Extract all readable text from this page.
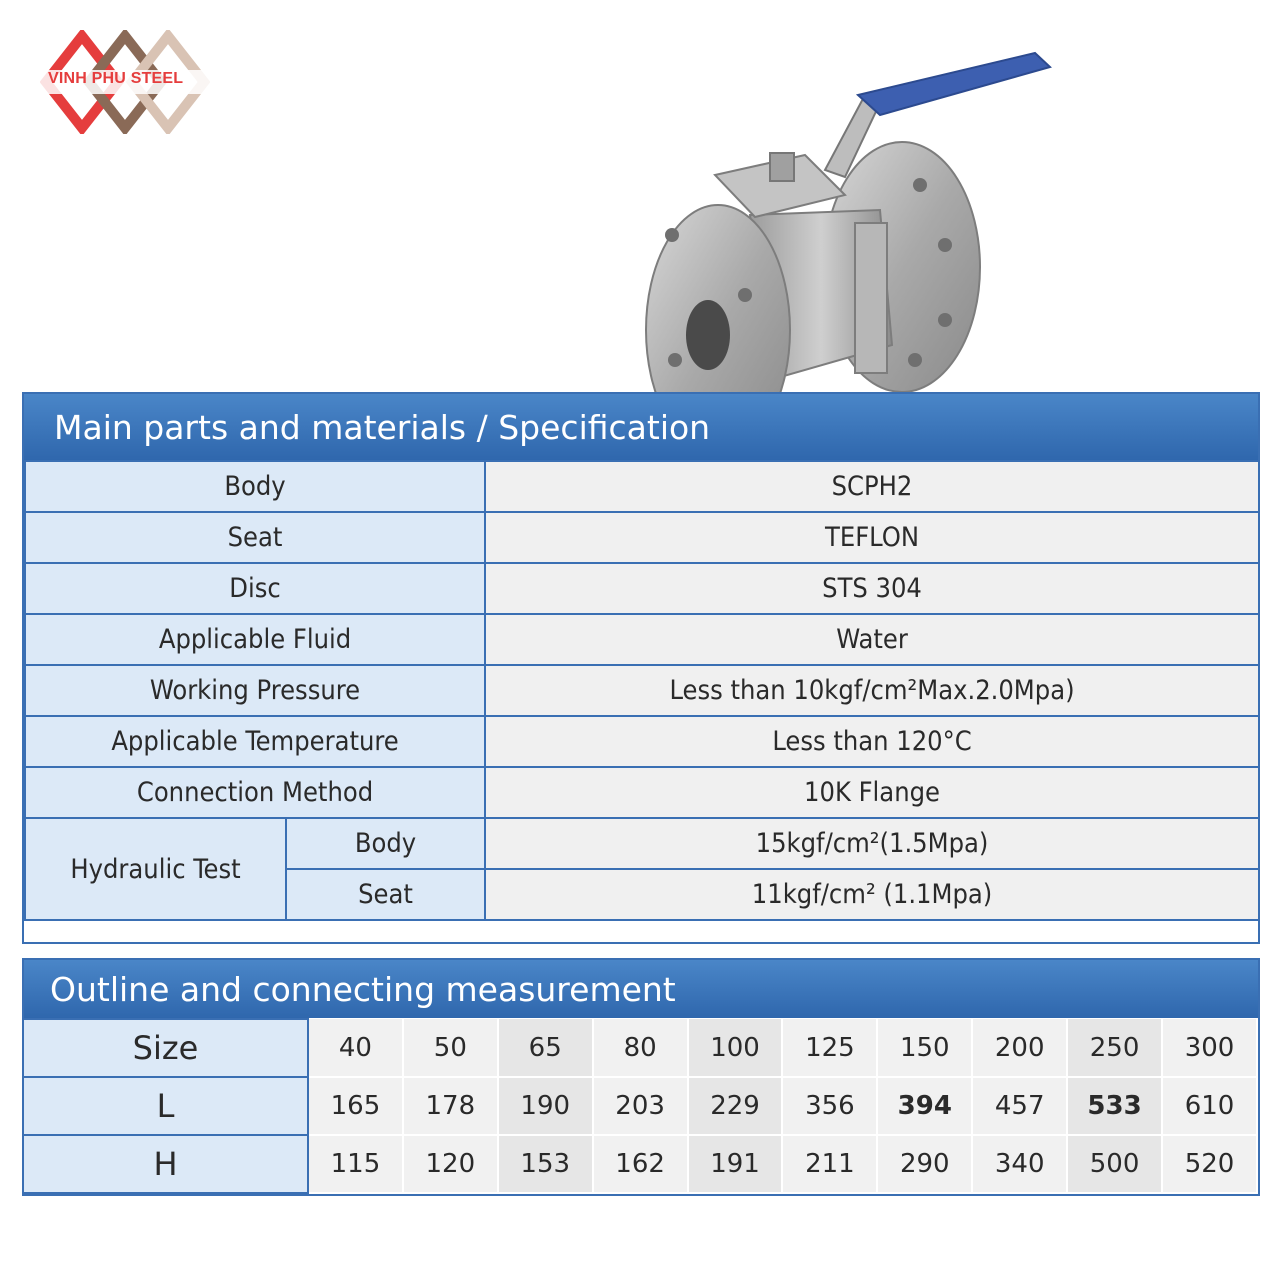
VINH PHU STEEL
Main parts and materials / Specification
Body		SCPH2
Seat		TEFLON
Disc		STS 304
Applicable Fluid		Water
Working Pressure		Less than 10kgf/cm²Max.2.0Mpa)
Applicable Temperature		Less than 120°C
Connection Method		10K Flange
Hydraulic Test	Body	15kgf/cm²(1.5Mpa)
	Seat	11kgf/cm² (1.1Mpa)
Outline and connecting measurement
Size	40	50	65	80	100	125	150	200	250	300
L	165	178	190	203	229	356	394	457	533	610
H	115	120	153	162	191	211	290	340	500	520
